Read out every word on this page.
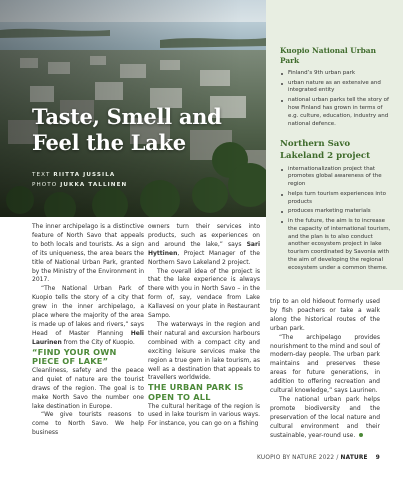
Taste, Smell and
Feel the Lake
TEXT RIITTA JUSSILA
PHOTO JUKKA TALLINEN
Kuopio National Urban Park
Finland’s 9th urban park
urban nature as an extensive and integrated entity
national urban parks tell the story of how Finland has grown in terms of e.g. culture, education, industry and national defence.
Northern Savo Lakeland 2 project
internationalization project that promotes global awareness of the region
helps turn tourism experiences into products
produces marketing materials
in the future, the aim is to increase the capacity of international tourism, and the plan is to also conduct another ecosystem project in lake tourism coordinated by Savonia with the aim of developing the regional ecosystem under a common theme.

The inner archipelago is a distinctive feature of North Savo that appeals to both locals and tourists. As a sign of its uniqueness, the area bears the title of National Urban Park, granted by the Ministry of the Environment in 2017.

“The National Urban Park of Kuopio tells the story of a city that grew in the inner archipelago, a place where the majority of the area is made up of lakes and rivers,” says Head of Master Planning Heli Laurinen from the City of Kuopio.

“FIND YOUR OWN PIECE OF LAKE”

Cleanliness, safety and the peace and quiet of nature are the tourist draws of the region. The goal is to make North Savo the number one lake destination in Europe.

“We give tourists reasons to come to North Savo. We help business

owners turn their services into products, such as experiences on and around the lake,” says Sari Hyttinen, Project Manager of the Northern Savo Lakeland 2 project.

The overall idea of the project is that the lake experience is always there with you in North Savo – in the form of, say, vendace from Lake Kallavesi on your plate in Restaurant Sampo.

The waterways in the region and their natural and excursion harbours combined with a compact city and exciting leisure services make the region a true gem in lake tourism, as well as a destination that appeals to travellers worldwide.

THE URBAN PARK IS OPEN TO ALL

The cultural heritage of the region is used in lake tourism in various ways. For instance, you can go on a fishing

trip to an old hideout formerly used by fish poachers or take a walk along the historical routes of the urban park.

“The archipelago provides nourishment to the mind and soul of modern-day people. The urban park maintains and preserves these areas for future generations, in addition to offering recreation and cultural knowledge,” says Laurinen.

The national urban park helps promote biodiversity and the preservation of the local nature and cultural environment and their sustainable, year-round use.

KUOPIO BY NATURE 2022 / NATURE 9
